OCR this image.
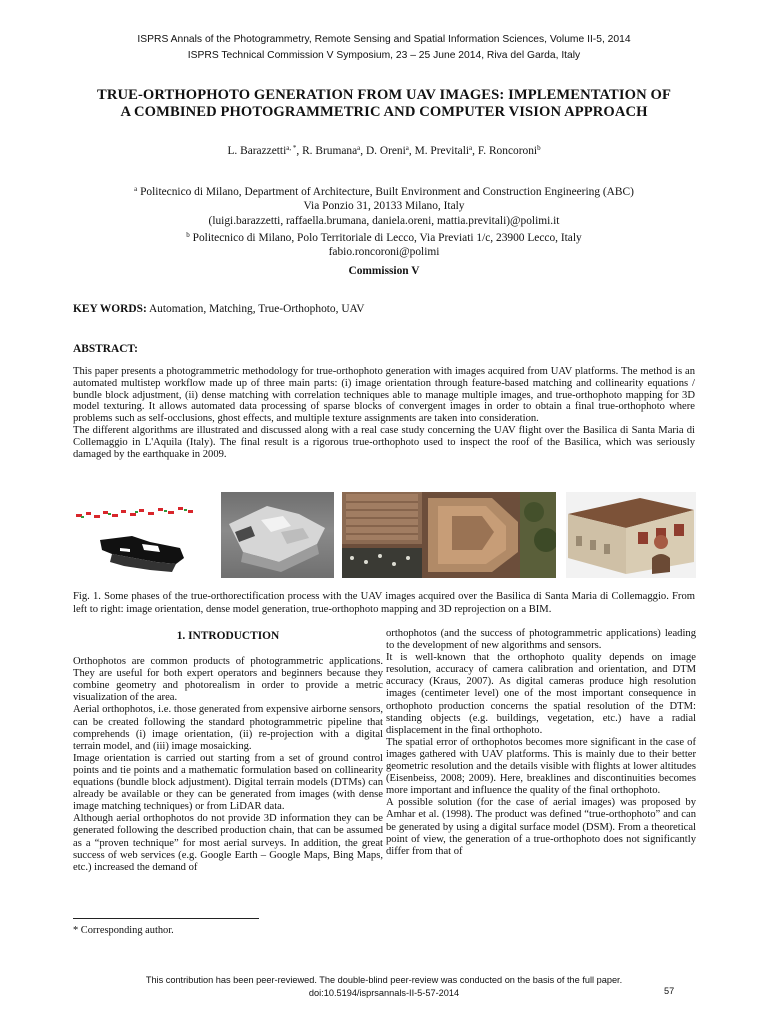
ISPRS Annals of the Photogrammetry, Remote Sensing and Spatial Information Sciences, Volume II-5, 2014
ISPRS Technical Commission V Symposium, 23 – 25 June 2014, Riva del Garda, Italy
TRUE-ORTHOPHOTO GENERATION FROM UAV IMAGES: IMPLEMENTATION OF
A COMBINED PHOTOGRAMMETRIC AND COMPUTER VISION APPROACH
L. Barazzetti$^{a, *}$, R. Brumana$^a$, D. Oreni$^a$, M. Previtali$^a$, F. Roncoroni$^b$
$^a$ Politecnico di Milano, Department of Architecture, Built Environment and Construction Engineering (ABC)
Via Ponzio 31, 20133 Milano, Italy
(luigi.barazzetti, raffaella.brumana, daniela.oreni, mattia.previtali)@polimi.it
$^b$ Politecnico di Milano, Polo Territoriale di Lecco, Via Previati 1/c, 23900 Lecco, Italy
fabio.roncoroni@polimi
Commission V
KEY WORDS: Automation, Matching, True-Orthophoto, UAV
ABSTRACT:

This paper presents a photogrammetric methodology for true-orthophoto generation with images acquired from UAV platforms. The method is an automated multistep workflow made up of three main parts: (i) image orientation through feature-based matching and collinearity equations / bundle block adjustment, (ii) dense matching with correlation techniques able to manage multiple images, and true-orthophoto mapping for 3D model texturing. It allows automated data processing of sparse blocks of convergent images in order to obtain a final true-orthophoto where problems such as self-occlusions, ghost effects, and multiple texture assignments are taken into consideration.

The different algorithms are illustrated and discussed along with a real case study concerning the UAV flight over the Basilica di Santa Maria di Collemaggio in L'Aquila (Italy). The final result is a rigorous true-orthophoto used to inspect the roof of the Basilica, which was seriously damaged by the earthquake in 2009.

Fig. 1. Some phases of the true-orthorectification process with the UAV images acquired over the Basilica di Santa Maria di Collemaggio. From left to right: image orientation, dense model generation, true-orthophoto mapping and 3D reprojection on a BIM.
1. INTRODUCTION

Orthophotos are common products of photogrammetric applications. They are useful for both expert operators and beginners because they combine geometry and photorealism in order to provide a metric visualization of the area.

Aerial orthophotos, i.e. those generated from expensive airborne sensors, can be created following the standard photogrammetric pipeline that comprehends (i) image orientation, (ii) re-projection with a digital terrain model, and (iii) image mosaicking.

Image orientation is carried out starting from a set of ground control points and tie points and a mathematic formulation based on collinearity equations (bundle block adjustment). Digital terrain models (DTMs) can already be available or they can be generated from images (with dense image matching techniques) or from LiDAR data.

Although aerial orthophotos do not provide 3D information they can be generated following the described production chain, that can be assumed as a “proven technique” for most aerial surveys. In addition, the great success of web services (e.g. Google Earth – Google Maps, Bing Maps, etc.) increased the demand of

orthophotos (and the success of photogrammetric applications) leading to the development of new algorithms and sensors.

It is well-known that the orthophoto quality depends on image resolution, accuracy of camera calibration and orientation, and DTM accuracy (Kraus, 2007). As digital cameras produce high resolution images (centimeter level) one of the most important consequence in orthophoto production concerns the spatial resolution of the DTM: standing objects (e.g. buildings, vegetation, etc.) have a radial displacement in the final orthophoto.

The spatial error of orthophotos becomes more significant in the case of images gathered with UAV platforms. This is mainly due to their better geometric resolution and the details visible with flights at lower altitudes (Eisenbeiss, 2008; 2009). Here, breaklines and discontinuities becomes more important and influence the quality of the final orthophoto.

A possible solution (for the case of aerial images) was proposed by Amhar et al. (1998). The product was defined “true-orthophoto” and can be generated by using a digital surface model (DSM). From a theoretical point of view, the generation of a true-orthophoto does not significantly differ from that of

* Corresponding author.
This contribution has been peer-reviewed. The double-blind peer-review was conducted on the basis of the full paper.
doi:10.5194/isprsannals-II-5-57-2014	57
